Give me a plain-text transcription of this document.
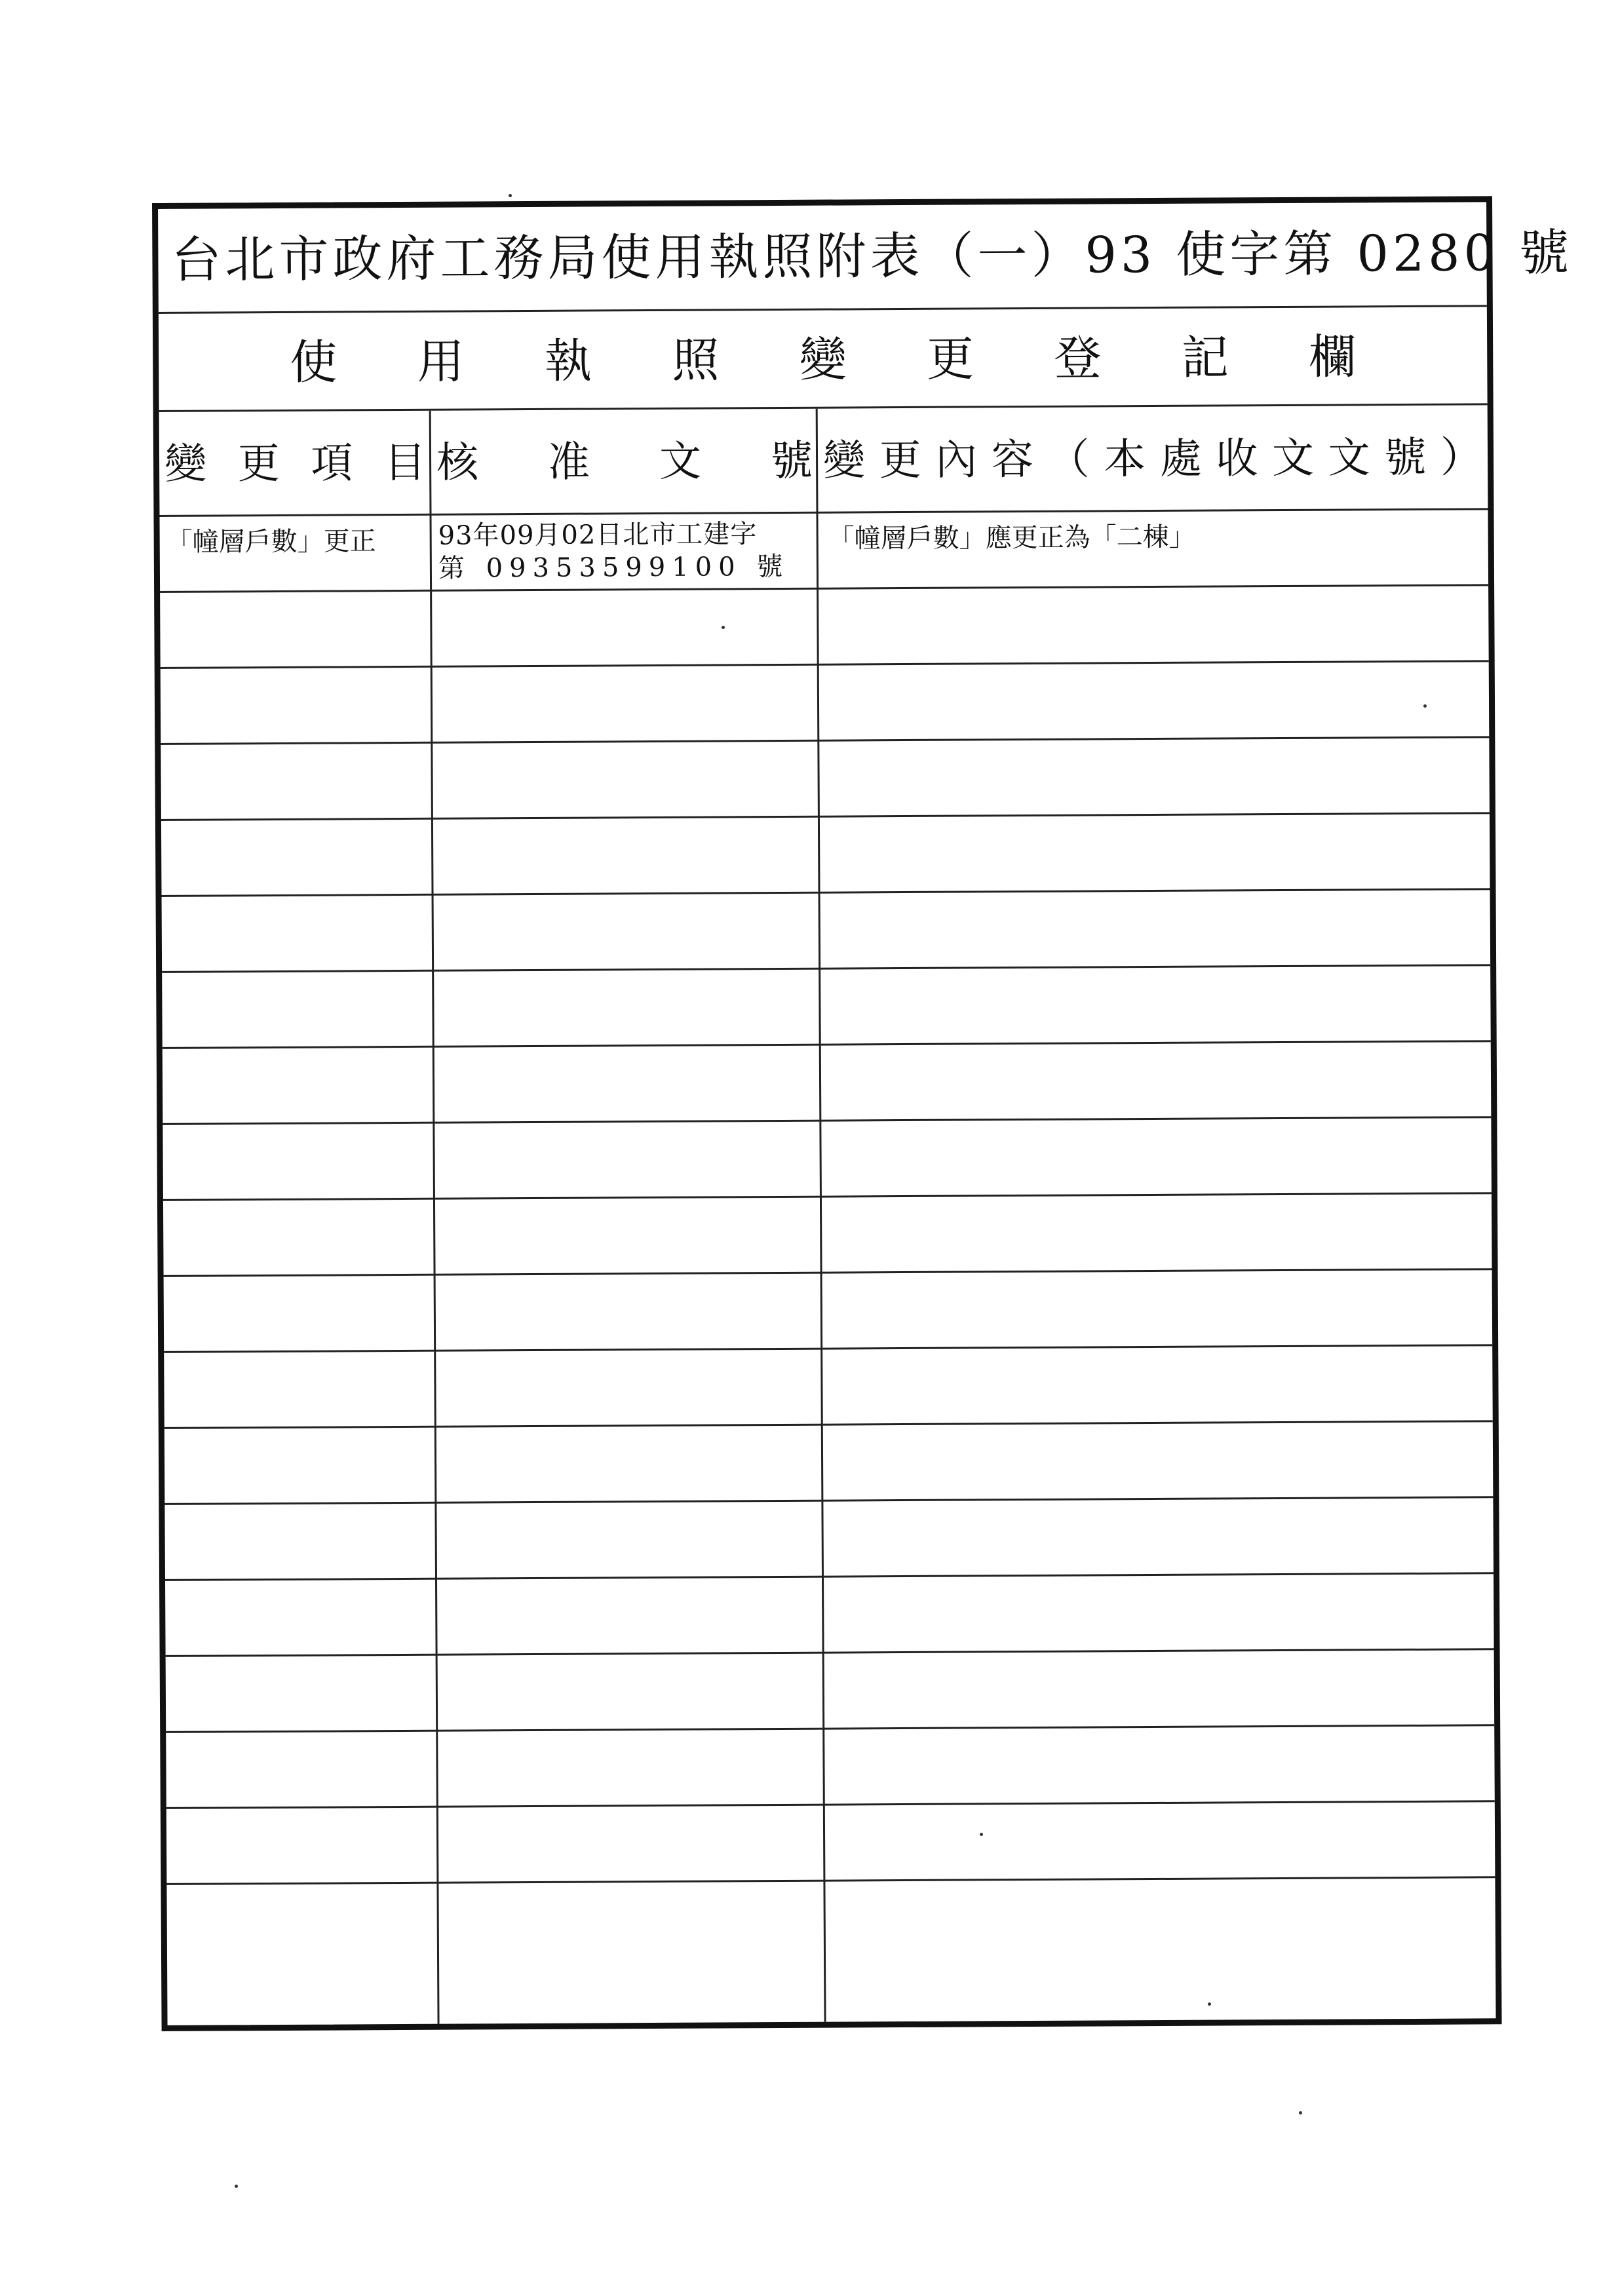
台北市政府工務局使用執照附表（一）93 使字第 0280 號
使 用 執 照 變 更 登 記 欄
變 更 項 目 核 准 文 號 變 更 內 容 （ 本 處 收 文 文 號 ）
「幢層戶數」更正 93年09月02日北市工建字
第 09353599100 號
「幢層戶數」應更正為「二棟」
